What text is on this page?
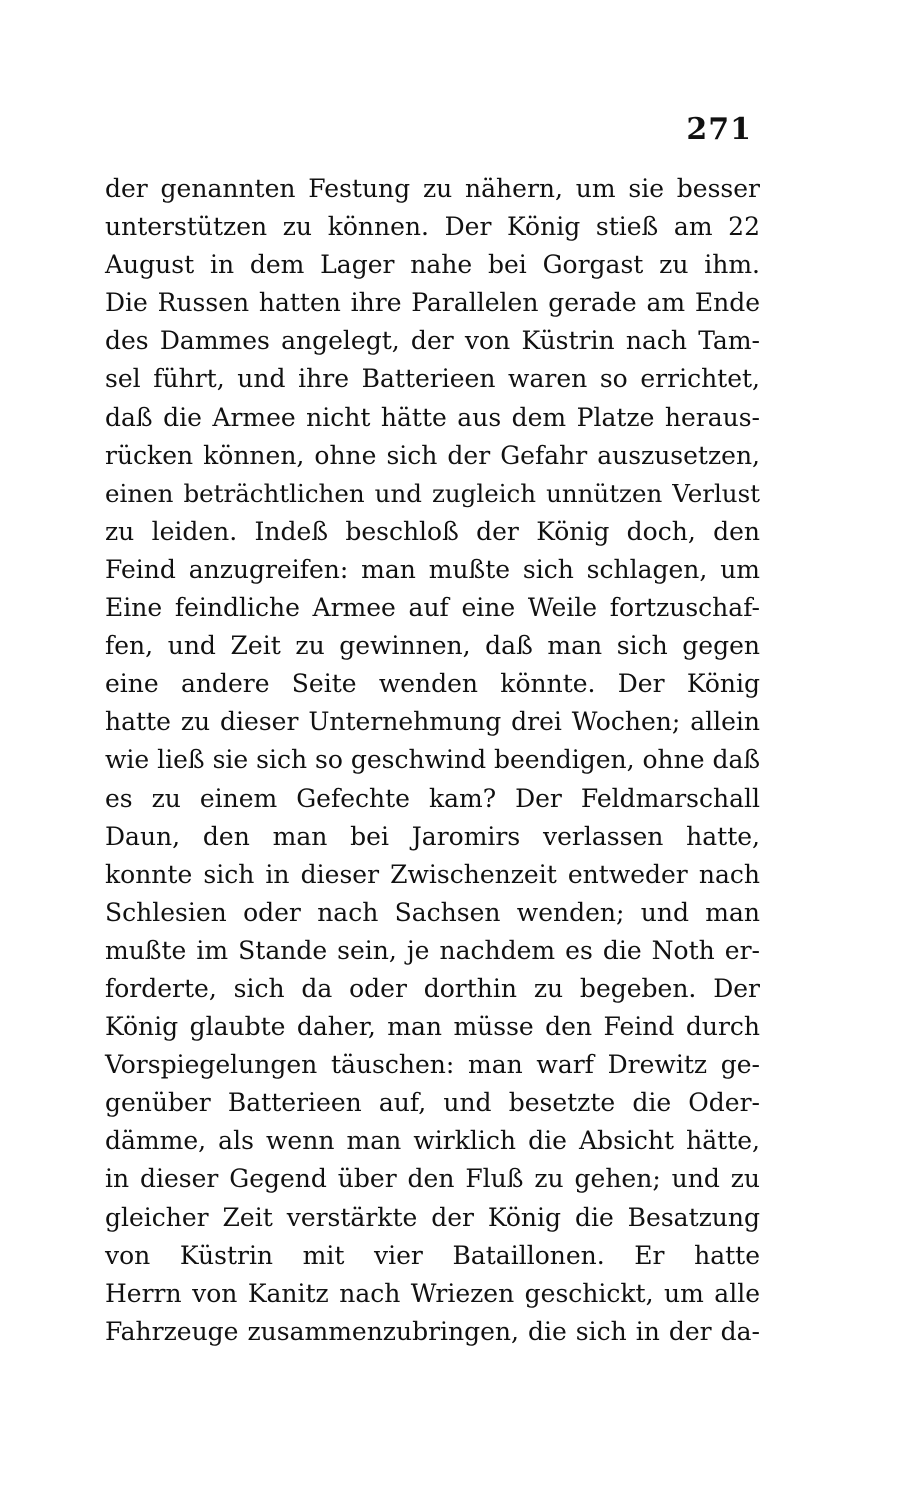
271
der genannten Festung zu nähern, um sie besser
unterstützen zu können. Der König stieß am 22
August in dem Lager nahe bei Gorgast zu ihm.
Die Russen hatten ihre Parallelen gerade am Ende
des Dammes angelegt, der von Küstrin nach Tam-
sel führt, und ihre Batterieen waren so errichtet,
daß die Armee nicht hätte aus dem Platze heraus-
rücken können, ohne sich der Gefahr auszusetzen,
einen beträchtlichen und zugleich unnützen Verlust
zu leiden. Indeß beschloß der König doch, den
Feind anzugreifen: man mußte sich schlagen, um
Eine feindliche Armee auf eine Weile fortzuschaf-
fen, und Zeit zu gewinnen, daß man sich gegen
eine andere Seite wenden könnte. Der König
hatte zu dieser Unternehmung drei Wochen; allein
wie ließ sie sich so geschwind beendigen, ohne daß
es zu einem Gefechte kam? Der Feldmarschall
Daun, den man bei Jaromirs verlassen hatte,
konnte sich in dieser Zwischenzeit entweder nach
Schlesien oder nach Sachsen wenden; und man
mußte im Stande sein, je nachdem es die Noth er-
forderte, sich da oder dorthin zu begeben. Der
König glaubte daher, man müsse den Feind durch
Vorspiegelungen täuschen: man warf Drewitz ge-
genüber Batterieen auf, und besetzte die Oder-
dämme, als wenn man wirklich die Absicht hätte,
in dieser Gegend über den Fluß zu gehen; und zu
gleicher Zeit verstärkte der König die Besatzung
von Küstrin mit vier Bataillonen. Er hatte
Herrn von Kanitz nach Wriezen geschickt, um alle
Fahrzeuge zusammenzubringen, die sich in der da-
